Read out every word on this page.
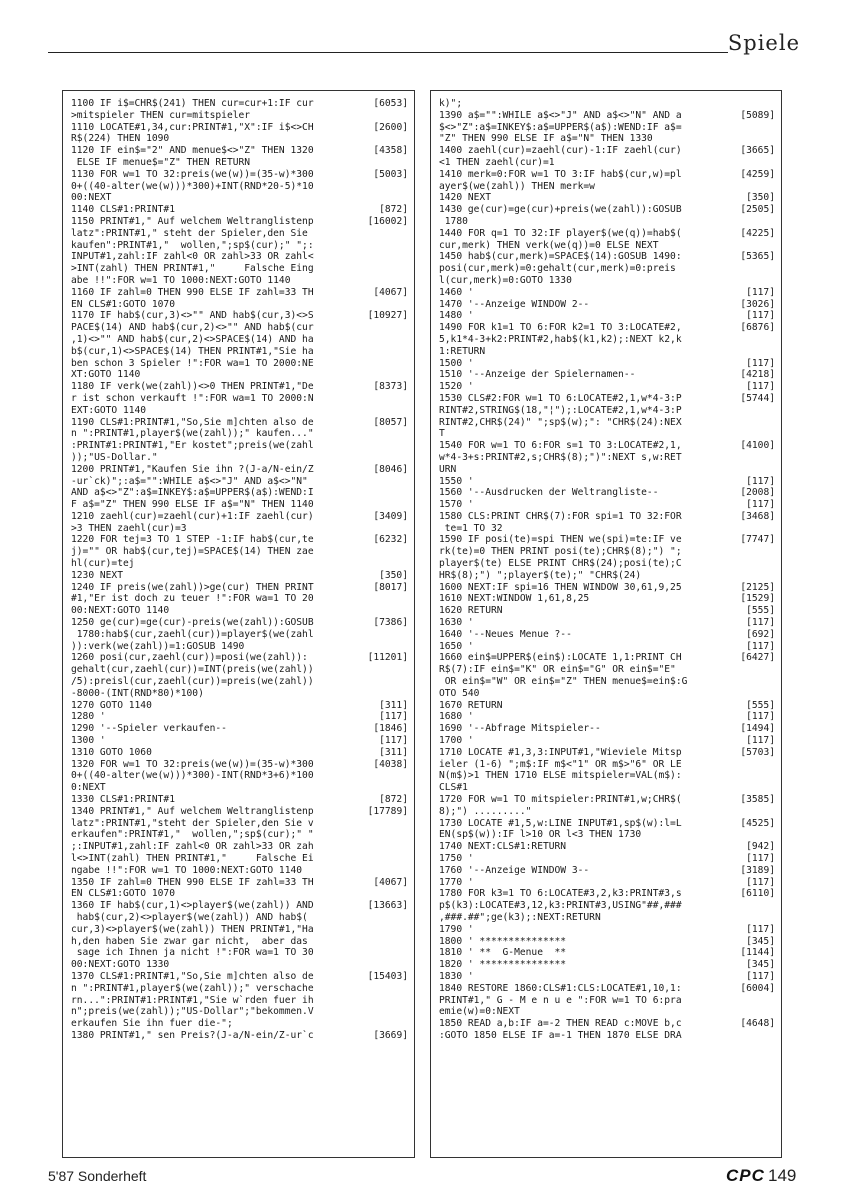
Spiele
1100 IF i$=CHR$(241) THEN cur=cur+1:IF cur	[6053]
>mitspieler THEN cur=mitspieler
1110 LOCATE#1,34,cur:PRINT#1,"X":IF i$<>CH	[2600]
R$(224) THEN 1090
1120 IF ein$="2" AND menue$<>"Z" THEN 1320	[4358]
ELSE IF menue$="Z" THEN RETURN
1130 FOR w=1 TO 32:preis(we(w))=(35-w)*300	[5003]
0+((40-alter(we(w)))*300)+INT(RND*20-5)*10
00:NEXT
1140 CLS#1:PRINT#1	[872]
1150 PRINT#1," Auf welchem Weltranglistenp	[16002]
latz":PRINT#1," steht der Spieler,den Sie
kaufen":PRINT#1,"  wollen,";sp$(cur);" ";:
INPUT#1,zahl:IF zahl<0 OR zahl>33 OR zahl<
>INT(zahl) THEN PRINT#1,"     Falsche Eing
abe !!":FOR w=1 TO 1000:NEXT:GOTO 1140
1160 IF zahl=0 THEN 990 ELSE IF zahl=33 TH	[4067]
EN CLS#1:GOTO 1070
1170 IF hab$(cur,3)<>"" AND hab$(cur,3)<>S	[10927]
PACE$(14) AND hab$(cur,2)<>"" AND hab$(cur
,1)<>"" AND hab$(cur,2)<>SPACE$(14) AND ha
b$(cur,1)<>SPACE$(14) THEN PRINT#1,"Sie ha
ben schon 3 Spieler !":FOR wa=1 TO 2000:NE
XT:GOTO 1140
1180 IF verk(we(zahl))<>0 THEN PRINT#1,"De	[8373]
r ist schon verkauft !":FOR wa=1 TO 2000:N
EXT:GOTO 1140
1190 CLS#1:PRINT#1,"So,Sie m]chten also de	[8057]
n ":PRINT#1,player$(we(zahl));" kaufen..."
:PRINT#1:PRINT#1,"Er kostet";preis(we(zahl
));"US-Dollar."
1200 PRINT#1,"Kaufen Sie ihn ?(J-a/N-ein/Z	[8046]
-ur`ck)";:a$="":WHILE a$<>"J" AND a$<>"N"
AND a$<>"Z":a$=INKEY$:a$=UPPER$(a$):WEND:I
F a$="Z" THEN 990 ELSE IF a$="N" THEN 1140
1210 zaehl(cur)=zaehl(cur)+1:IF zaehl(cur)	[3409]
>3 THEN zaehl(cur)=3
1220 FOR tej=3 TO 1 STEP -1:IF hab$(cur,te	[6232]
j)="" OR hab$(cur,tej)=SPACE$(14) THEN zae
hl(cur)=tej
1230 NEXT	[350]
1240 IF preis(we(zahl))>ge(cur) THEN PRINT	[8017]
#1,"Er ist doch zu teuer !":FOR wa=1 TO 20
00:NEXT:GOTO 1140
1250 ge(cur)=ge(cur)-preis(we(zahl)):GOSUB	[7386]
1780:hab$(cur,zaehl(cur))=player$(we(zahl
)):verk(we(zahl))=1:GOSUB 1490
1260 posi(cur,zaehl(cur))=posi(we(zahl)):	[11201]
gehalt(cur,zaehl(cur))=INT(preis(we(zahl))
/5):preisl(cur,zaehl(cur))=preis(we(zahl))
-8000-(INT(RND*80)*100)
1270 GOTO 1140	[311]
1280 '	[117]
1290 '--Spieler verkaufen--	[1846]
1300 '	[117]
1310 GOTO 1060	[311]
1320 FOR w=1 TO 32:preis(we(w))=(35-w)*300	[4038]
0+((40-alter(we(w)))*300)-INT(RND*3+6)*100
0:NEXT
1330 CLS#1:PRINT#1	[872]
1340 PRINT#1," Auf welchem Weltranglistenp	[17789]
latz":PRINT#1,"steht der Spieler,den Sie v
erkaufen":PRINT#1,"  wollen,";sp$(cur);" "
;:INPUT#1,zahl:IF zahl<0 OR zahl>33 OR zah
l<>INT(zahl) THEN PRINT#1,"     Falsche Ei
ngabe !!":FOR w=1 TO 1000:NEXT:GOTO 1140
1350 IF zahl=0 THEN 990 ELSE IF zahl=33 TH	[4067]
EN CLS#1:GOTO 1070
1360 IF hab$(cur,1)<>player$(we(zahl)) AND	[13663]
hab$(cur,2)<>player$(we(zahl)) AND hab$(
cur,3)<>player$(we(zahl)) THEN PRINT#1,"Ha
h,den haben Sie zwar gar nicht,  aber das
sage ich Ihnen ja nicht !":FOR wa=1 TO 30
00:NEXT:GOTO 1330
1370 CLS#1:PRINT#1,"So,Sie m]chten also de	[15403]
n ":PRINT#1,player$(we(zahl));" verschache
rn...":PRINT#1:PRINT#1,"Sie w`rden fuer ih
n";preis(we(zahl));"US-Dollar";"bekommen.V
erkaufen Sie ihn fuer die-";
1380 PRINT#1," sen Preis?(J-a/N-ein/Z-ur`c	[3669]
k)";
1390 a$="":WHILE a$<>"J" AND a$<>"N" AND a	[5089]
$<>"Z":a$=INKEY$:a$=UPPER$(a$):WEND:IF a$=
"Z" THEN 990 ELSE IF a$="N" THEN 1330
1400 zaehl(cur)=zaehl(cur)-1:IF zaehl(cur)	[3665]
<1 THEN zaehl(cur)=1
1410 merk=0:FOR w=1 TO 3:IF hab$(cur,w)=pl	[4259]
ayer$(we(zahl)) THEN merk=w
1420 NEXT	[350]
1430 ge(cur)=ge(cur)+preis(we(zahl)):GOSUB	[2505]
1780
1440 FOR q=1 TO 32:IF player$(we(q))=hab$(	[4225]
cur,merk) THEN verk(we(q))=0 ELSE NEXT
1450 hab$(cur,merk)=SPACE$(14):GOSUB 1490:	[5365]
posi(cur,merk)=0:gehalt(cur,merk)=0:preis
l(cur,merk)=0:GOTO 1330
1460 '	[117]
1470 '--Anzeige WINDOW 2--	[3026]
1480 '	[117]
1490 FOR k1=1 TO 6:FOR k2=1 TO 3:LOCATE#2,	[6876]
5,k1*4-3+k2:PRINT#2,hab$(k1,k2);:NEXT k2,k
1:RETURN
1500 '	[117]
1510 '--Anzeige der Spielernamen--	[4218]
1520 '	[117]
1530 CLS#2:FOR w=1 TO 6:LOCATE#2,1,w*4-3:P	[5744]
RINT#2,STRING$(18,"¦");:LOCATE#2,1,w*4-3:P
RINT#2,CHR$(24)" ";sp$(w);": "CHR$(24):NEX
T
1540 FOR w=1 TO 6:FOR s=1 TO 3:LOCATE#2,1,	[4100]
w*4-3+s:PRINT#2,s;CHR$(8);")":NEXT s,w:RET
URN
1550 '	[117]
1560 '--Ausdrucken der Weltrangliste--	[2008]
1570 '	[117]
1580 CLS:PRINT CHR$(7):FOR spi=1 TO 32:FOR	[3468]
te=1 TO 32
1590 IF posi(te)=spi THEN we(spi)=te:IF ve	[7747]
rk(te)=0 THEN PRINT posi(te);CHR$(8);") ";
player$(te) ELSE PRINT CHR$(24);posi(te);C
HR$(8);") ";player$(te);" "CHR$(24)
1600 NEXT:IF spi=16 THEN WINDOW 30,61,9,25	[2125]
1610 NEXT:WINDOW 1,61,8,25	[1529]
1620 RETURN	[555]
1630 '	[117]
1640 '--Neues Menue ?--	[692]
1650 '	[117]
1660 ein$=UPPER$(ein$):LOCATE 1,1:PRINT CH	[6427]
R$(7):IF ein$="K" OR ein$="G" OR ein$="E"
OR ein$="W" OR ein$="Z" THEN menue$=ein$:G
OTO 540
1670 RETURN	[555]
1680 '	[117]
1690 '--Abfrage Mitspieler--	[1494]
1700 '	[117]
1710 LOCATE #1,3,3:INPUT#1,"Wieviele Mitsp	[5703]
ieler (1-6) ";m$:IF m$<"1" OR m$>"6" OR LE
N(m$)>1 THEN 1710 ELSE mitspieler=VAL(m$):
CLS#1
1720 FOR w=1 TO mitspieler:PRINT#1,w;CHR$(	[3585]
8);") ........."
1730 LOCATE #1,5,w:LINE INPUT#1,sp$(w):l=L	[4525]
EN(sp$(w)):IF l>10 OR l<3 THEN 1730
1740 NEXT:CLS#1:RETURN	[942]
1750 '	[117]
1760 '--Anzeige WINDOW 3--	[3189]
1770 '	[117]
1780 FOR k3=1 TO 6:LOCATE#3,2,k3:PRINT#3,s	[6110]
p$(k3):LOCATE#3,12,k3:PRINT#3,USING"##,###
,###.##";ge(k3);:NEXT:RETURN
1790 '	[117]
1800 ' ***************	[345]
1810 ' **  G-Menue  **	[1144]
1820 ' ***************	[345]
1830 '	[117]
1840 RESTORE 1860:CLS#1:CLS:LOCATE#1,10,1:	[6004]
PRINT#1," G - M e n u e ":FOR w=1 TO 6:pra
emie(w)=0:NEXT
1850 READ a,b:IF a=-2 THEN READ c:MOVE b,c	[4648]
:GOTO 1850 ELSE IF a=-1 THEN 1870 ELSE DRA
5'87 Sonderheft	CPC 149
